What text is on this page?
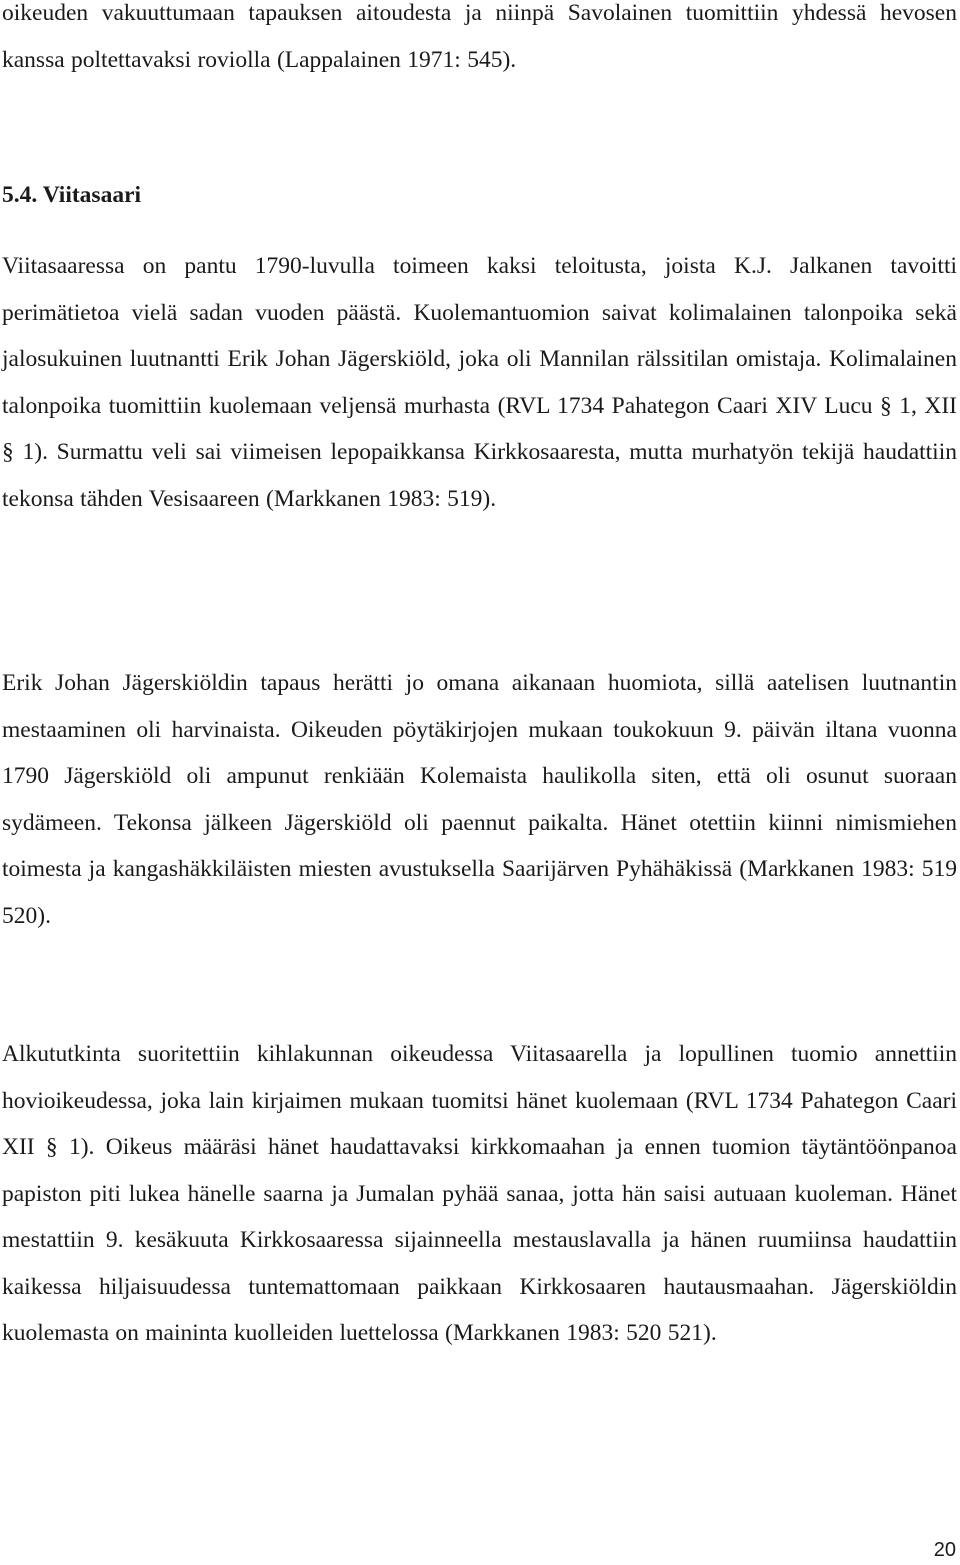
oikeuden vakuuttumaan tapauksen aitoudesta ja niinpä Savolainen tuomittiin yhdessä hevosen kanssa poltettavaksi roviolla (Lappalainen 1971: 545).

5.4. Viitasaari

Viitasaaressa on pantu 1790-luvulla toimeen kaksi teloitusta, joista K.J. Jalkanen tavoitti perimätietoa vielä sadan vuoden päästä. Kuolemantuomion saivat kolimalainen talonpoika sekä jalosukuinen luutnantti Erik Johan Jägerskiöld, joka oli Mannilan rälssitilan omistaja. Kolimalainen talonpoika tuomittiin kuolemaan veljensä murhasta (RVL 1734 Pahategon Caari XIV Lucu § 1, XII § 1). Surmattu veli sai viimeisen lepopaikkansa Kirkkosaaresta, mutta murhatyön tekijä haudattiin tekonsa tähden Vesisaareen (Markkanen 1983: 519).

Erik Johan Jägerskiöldin tapaus herätti jo omana aikanaan huomiota, sillä aatelisen luutnantin mestaaminen oli harvinaista. Oikeuden pöytäkirjojen mukaan toukokuun 9. päivän iltana vuonna 1790 Jägerskiöld oli ampunut renkiään Kolemaista haulikolla siten, että oli osunut suoraan sydämeen. Tekonsa jälkeen Jägerskiöld oli paennut paikalta. Hänet otettiin kiinni nimismiehen toimesta ja kangashäkkiläisten miesten avustuksella Saarijärven Pyhähäkissä (Markkanen 1983: 519 520).

Alkututkinta suoritettiin kihlakunnan oikeudessa Viitasaarella ja lopullinen tuomio annettiin hovioikeudessa, joka lain kirjaimen mukaan tuomitsi hänet kuolemaan (RVL 1734 Pahategon Caari XII § 1). Oikeus määräsi hänet haudattavaksi kirkkomaahan ja ennen tuomion täytäntöönpanoa papiston piti lukea hänelle saarna ja Jumalan pyhää sanaa, jotta hän saisi autuaan kuoleman. Hänet mestattiin 9. kesäkuuta Kirkkosaaressa sijainneella mestauslavalla ja hänen ruumiinsa haudattiin kaikessa hiljaisuudessa tuntemattomaan paikkaan Kirkkosaaren hautausmaahan. Jägerskiöldin kuolemasta on maininta kuolleiden luettelossa (Markkanen 1983: 520 521).

20
